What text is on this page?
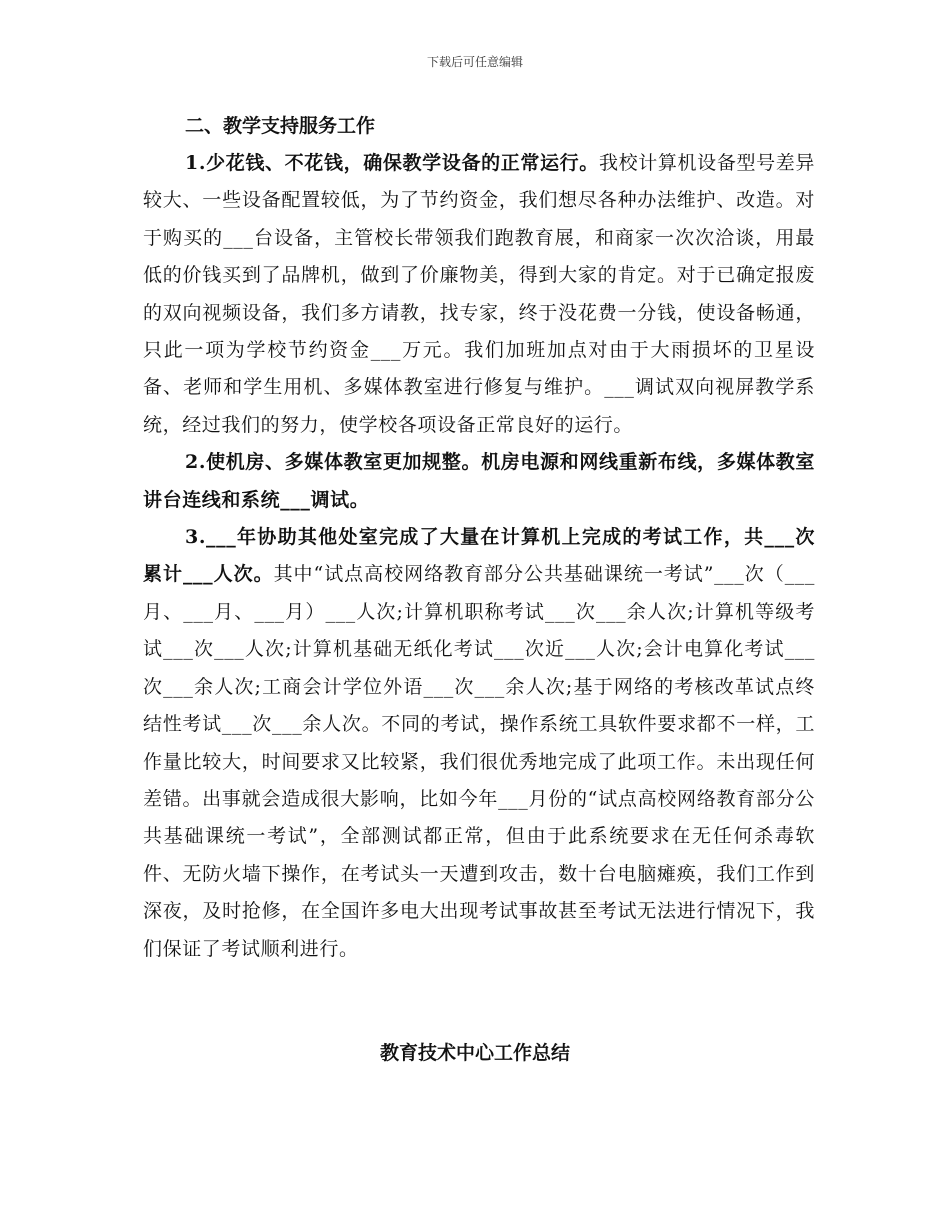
下载后可任意编辑
二、教学支持服务工作

1.少花钱、不花钱，确保教学设备的正常运行。我校计算机设备型号差异较大、一些设备配置较低，为了节约资金，我们想尽各种办法维护、改造。对于购买的___台设备，主管校长带领我们跑教育展，和商家一次次洽谈，用最低的价钱买到了品牌机，做到了价廉物美，得到大家的肯定。对于已确定报废的双向视频设备，我们多方请教，找专家，终于没花费一分钱，使设备畅通，只此一项为学校节约资金___万元。我们加班加点对由于大雨损坏的卫星设备、老师和学生用机、多媒体教室进行修复与维护。___调试双向视屏教学系统，经过我们的努力，使学校各项设备正常良好的运行。

2.使机房、多媒体教室更加规整。机房电源和网线重新布线，多媒体教室讲台连线和系统___调试。

3.___年协助其他处室完成了大量在计算机上完成的考试工作，共___次累计___人次。其中“试点高校网络教育部分公共基础课统一考试”___次（___月、___月、___月）___人次;计算机职称考试___次___余人次;计算机等级考试___次___人次;计算机基础无纸化考试___次近___人次;会计电算化考试___次___余人次;工商会计学位外语___次___余人次;基于网络的考核改革试点终结性考试___次___余人次。不同的考试，操作系统工具软件要求都不一样，工作量比较大，时间要求又比较紧，我们很优秀地完成了此项工作。未出现任何差错。出事就会造成很大影响，比如今年___月份的“试点高校网络教育部分公共基础课统一考试”，全部测试都正常，但由于此系统要求在无任何杀毒软件、无防火墙下操作，在考试头一天遭到攻击，数十台电脑瘫痪，我们工作到深夜，及时抢修，在全国许多电大出现考试事故甚至考试无法进行情况下，我们保证了考试顺利进行。

教育技术中心工作总结
